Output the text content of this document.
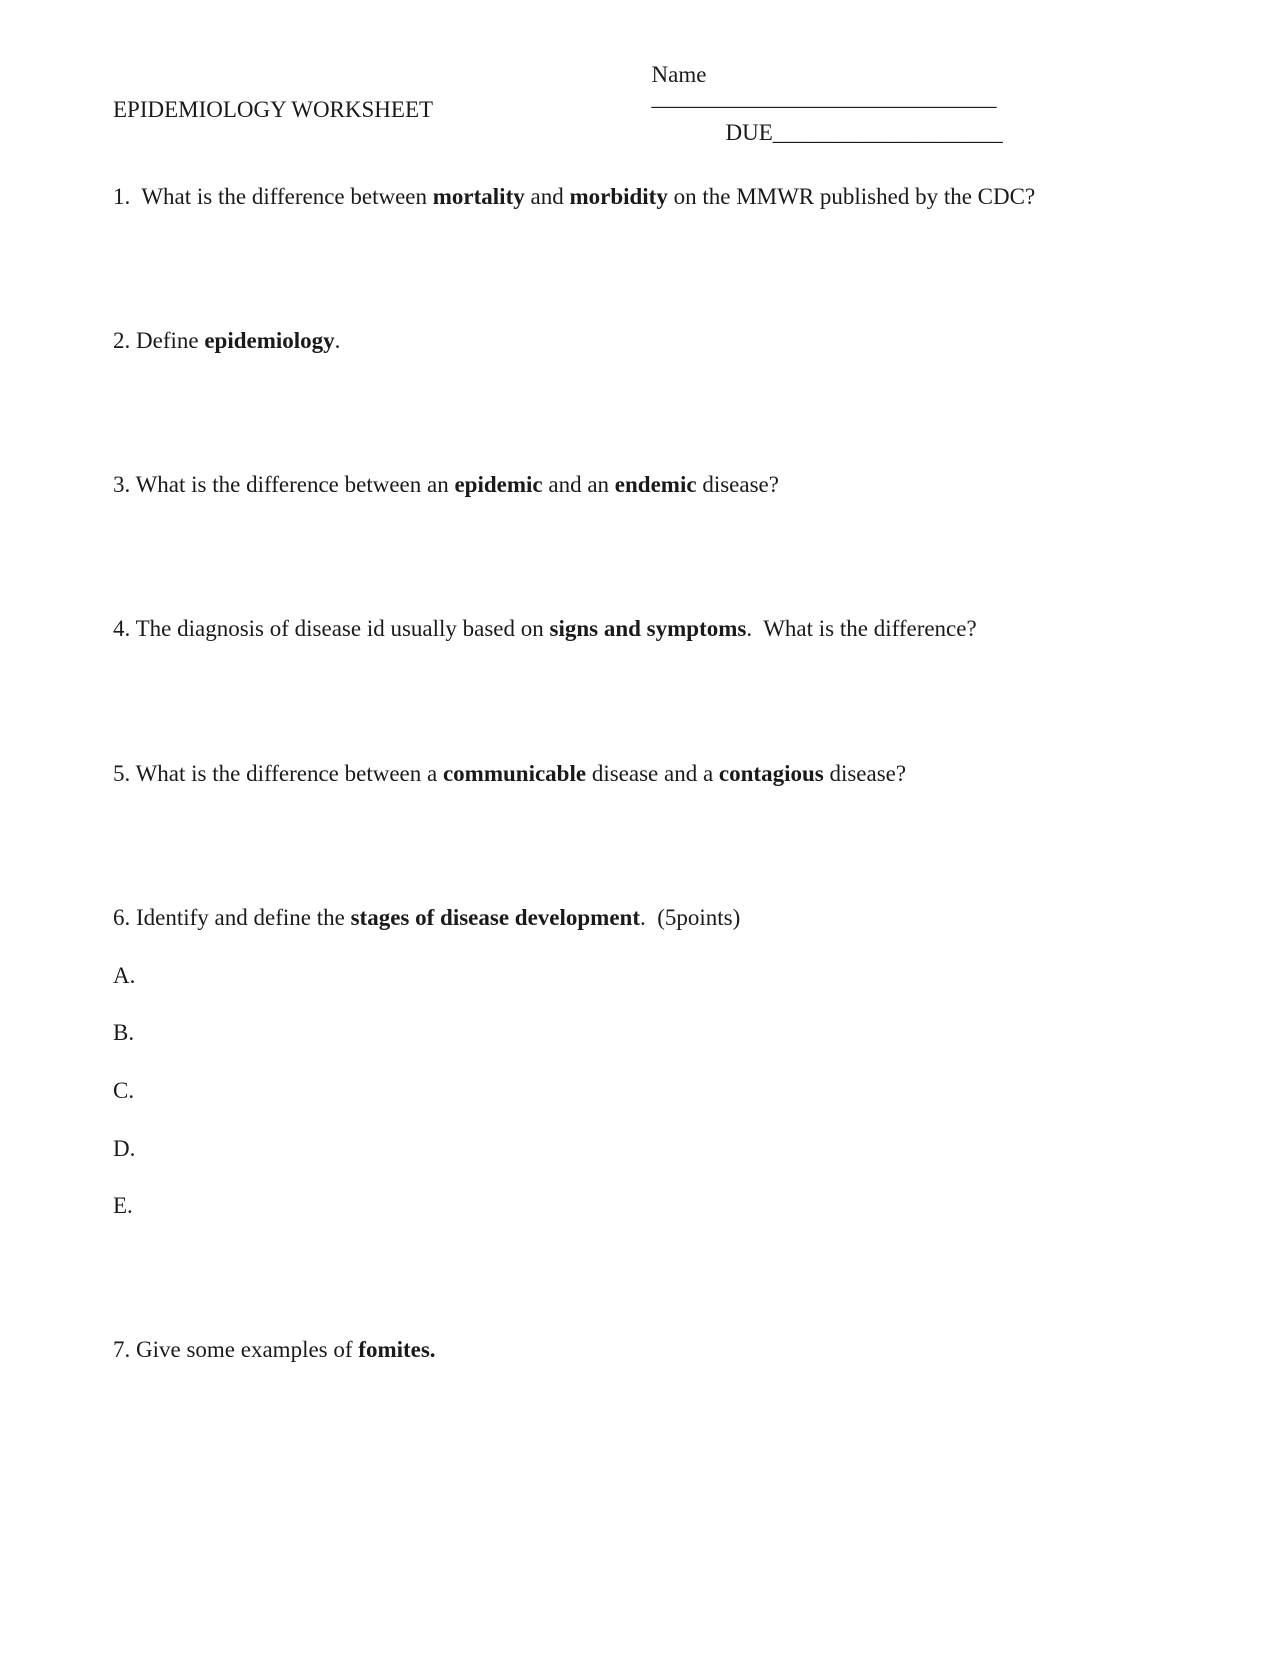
Name
______________________________

EPIDEMIOLOGY WORKSHEET

DUE____________________

1.  What is the difference between mortality and morbidity on the MMWR published by the CDC?
2. Define epidemiology.
3. What is the difference between an epidemic and an endemic disease?
4. The diagnosis of disease id usually based on signs and symptoms.  What is the difference?
5. What is the difference between a communicable disease and a contagious disease?
6. Identify and define the stages of disease development.  (5points)
A.
B.
C.
D.
E.
7. Give some examples of fomites.
